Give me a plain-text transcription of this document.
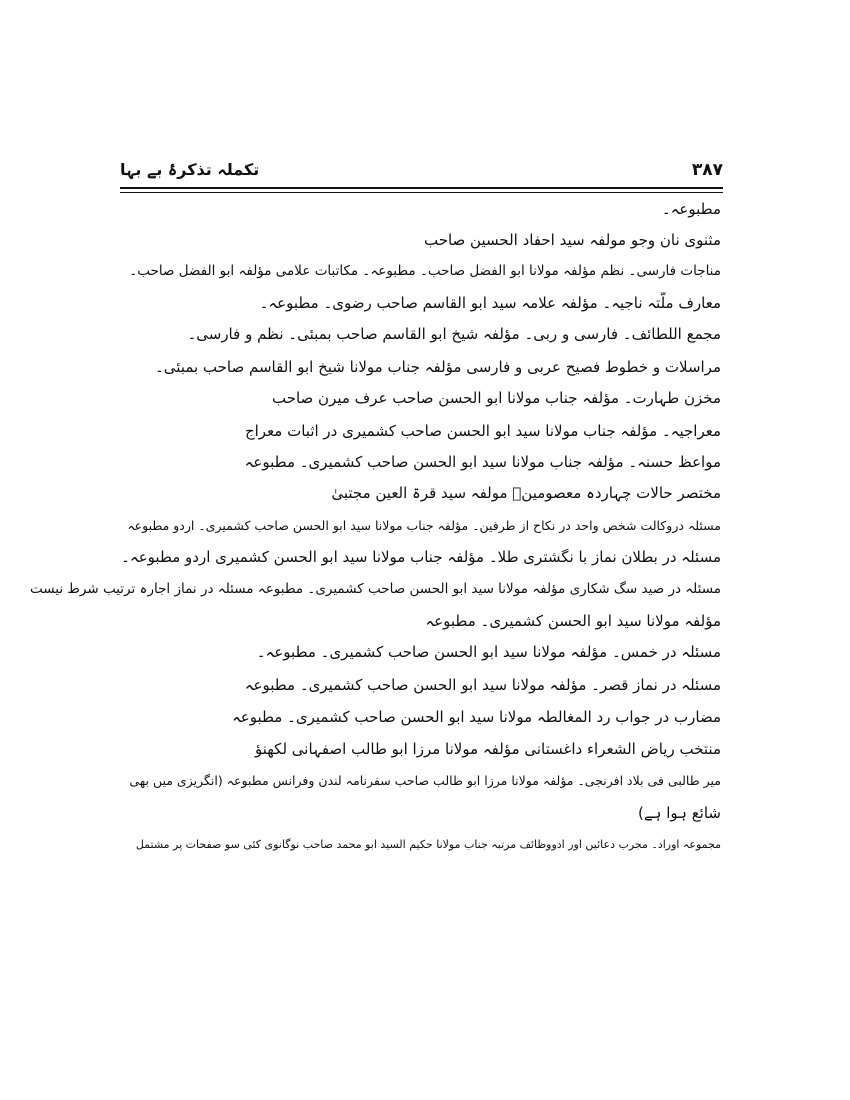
۳۸۷
تکملہ تذکرۂ بے بہا
مطبوعہ۔
مثنوی نان وجو مولفہ سید احفاد الحسین صاحب
مناجات فارسی۔ نظم مؤلفہ مولانا ابو الفضل صاحب۔ مطبوعہ۔ مکاتبات علامی مؤلفہ ابو الفضل صاحب۔
معارف ملّتہ ناجیہ۔ مؤلفہ علامہ سید ابو القاسم صاحب رضوی۔ مطبوعہ۔
مجمع اللطائف۔ فارسی و ربی۔ مؤلفہ شیخ ابو القاسم صاحب بمبئی۔ نظم و فارسی۔
مراسلات و خطوط فصیح عربی و فارسی مؤلفہ جناب مولانا شیخ ابو القاسم صاحب بمبئی۔
مخزن طہارت۔ مؤلفہ جناب مولانا ابو الحسن صاحب عرف میرن صاحب
معراجیہ۔ مؤلفہ جناب مولانا سید ابو الحسن صاحب کشمیری در اثبات معراج
مواعظ حسنہ۔ مؤلفہ جناب مولانا سید ابو الحسن صاحب کشمیری۔ مطبوعہ
مختصر حالات چہاردہ معصومینؑ مولفہ سید قرۃ العین مجتبیٰ
مسئلہ دروکالت شخص واحد در نکاح از طرفین۔ مؤلفہ جناب مولانا سید ابو الحسن صاحب کشمیری۔ اردو مطبوعہ
مسئلہ در بطلان نماز با نگشتری طلا۔ مؤلفہ جناب مولانا سید ابو الحسن کشمیری اردو مطبوعہ۔
مسئلہ در صید سگ شکاری مؤلفہ مولانا سید ابو الحسن صاحب کشمیری۔ مطبوعہ مسئلہ در نماز اجارہ ترتیب شرط نیست
مؤلفہ مولانا سید ابو الحسن کشمیری۔ مطبوعہ
مسئلہ در خمس۔ مؤلفہ مولانا سید ابو الحسن صاحب کشمیری۔ مطبوعہ۔
مسئلہ در نماز قصر۔ مؤلفہ مولانا سید ابو الحسن صاحب کشمیری۔ مطبوعہ
مضارب در جواب رد المغالطہ مولانا سید ابو الحسن صاحب کشمیری۔ مطبوعہ
منتخب ریاض الشعراء داغستانی مؤلفہ مولانا مرزا ابو طالب اصفہانی لکھنؤ
میر طالبی فی بلاد افرنجی۔ مؤلفہ مولانا مرزا ابو طالب صاحب سفرنامہ لندن وفرانس مطبوعہ (انگریزی میں بھی
شائع ہوا ہے)
مجموعہ اوراد۔ مجرب دعائیں اور ادووظائف مرتبہ جناب مولانا حکیم السید ابو محمد صاحب نوگانوی کئی سو صفحات پر مشتمل
